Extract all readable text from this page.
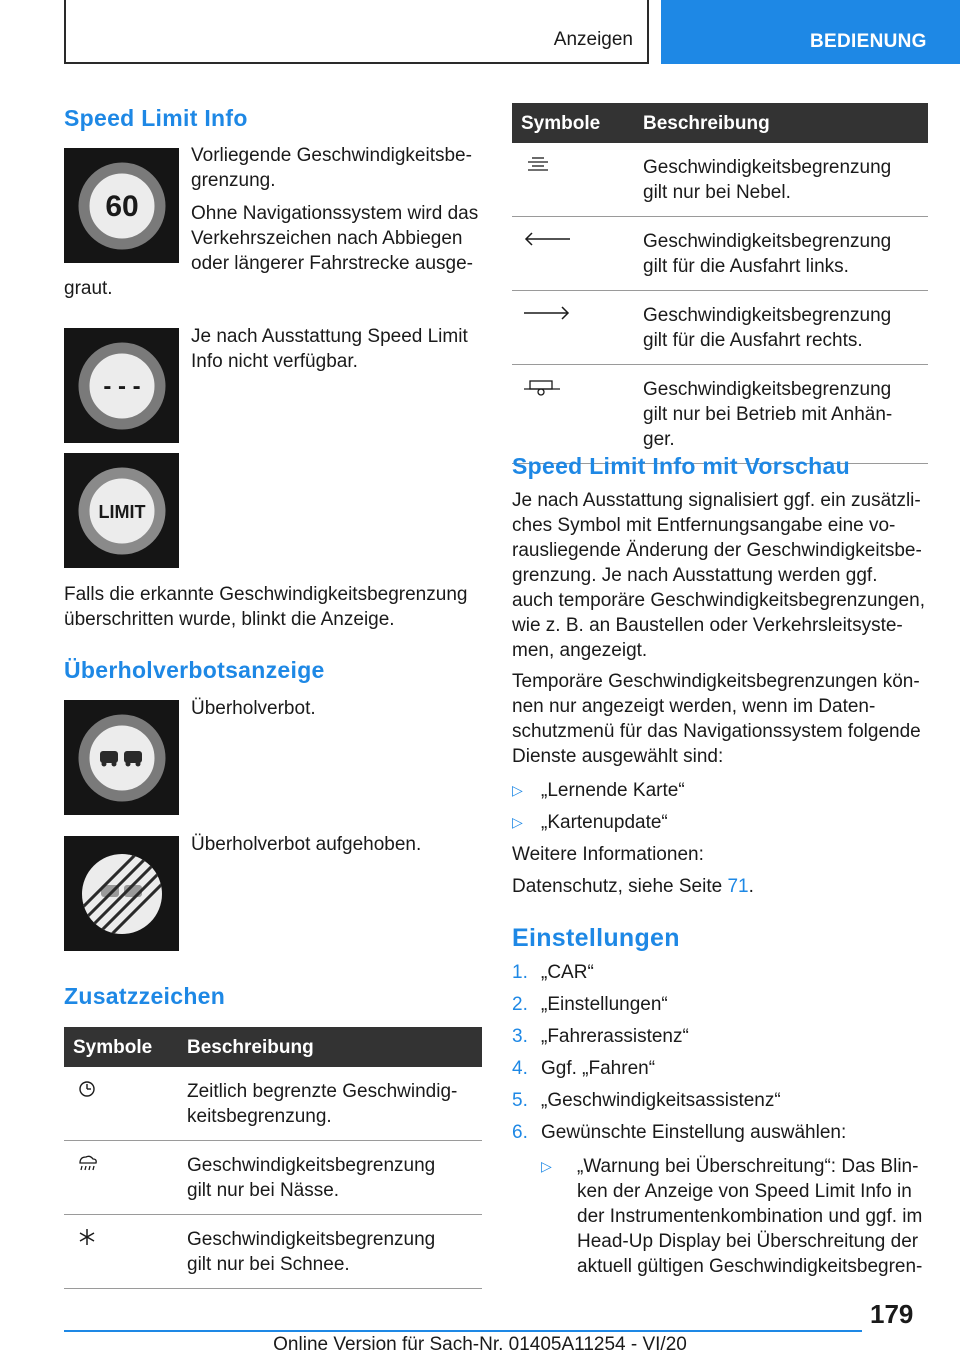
Anzeigen	BEDIENUNG
Speed Limit Info
60
Vorliegende Geschwindigkeitsbe-
grenzung.
Ohne Navigationssystem wird das
Verkehrszeichen nach Abbiegen
oder längerer Fahrstrecke ausge-
graut.
- - -
Je nach Ausstattung Speed Limit
Info nicht verfügbar.
LIMIT
Falls die erkannte Geschwindigkeitsbegrenzung
überschritten wurde, blinkt die Anzeige.
Überholverbotsanzeige
Überholverbot.
Überholverbot aufgehoben.
Zusatzzeichen
Symbole	Beschreibung

Zeitlich begrenzte Geschwindig-
keitsbegrenzung.

Geschwindigkeitsbegrenzung
gilt nur bei Nässe.

Geschwindigkeitsbegrenzung
gilt nur bei Schnee.
Symbole	Beschreibung

Geschwindigkeitsbegrenzung
gilt nur bei Nebel.

Geschwindigkeitsbegrenzung
gilt für die Ausfahrt links.

Geschwindigkeitsbegrenzung
gilt für die Ausfahrt rechts.

Geschwindigkeitsbegrenzung
gilt nur bei Betrieb mit Anhän-
ger.
Speed Limit Info mit Vorschau
Je nach Ausstattung signalisiert ggf. ein zusätzli-
ches Symbol mit Entfernungsangabe eine vo-
rausliegende Änderung der Geschwindigkeitsbe-
grenzung. Je nach Ausstattung werden ggf.
auch temporäre Geschwindigkeitsbegrenzungen,
wie z. B. an Baustellen oder Verkehrsleitsyste-
men, angezeigt.
Temporäre Geschwindigkeitsbegrenzungen kön-
nen nur angezeigt werden, wenn im Daten-
schutzmenü für das Navigationssystem folgende
Dienste ausgewählt sind:
▷ „Lernende Karte“
▷ „Kartenupdate“
Weitere Informationen:
Datenschutz, siehe Seite 71.
Einstellungen
1. „CAR“
2. „Einstellungen“
3. „Fahrerassistenz“
4. Ggf. „Fahren“
5. „Geschwindigkeitsassistenz“
6. Gewünschte Einstellung auswählen:
▷ „Warnung bei Überschreitung“: Das Blin-
ken der Anzeige von Speed Limit Info in
der Instrumentenkombination und ggf. im
Head-Up Display bei Überschreitung der
aktuell gültigen Geschwindigkeitsbegren-
179
Online Version für Sach-Nr. 01405A11254 - VI/20
